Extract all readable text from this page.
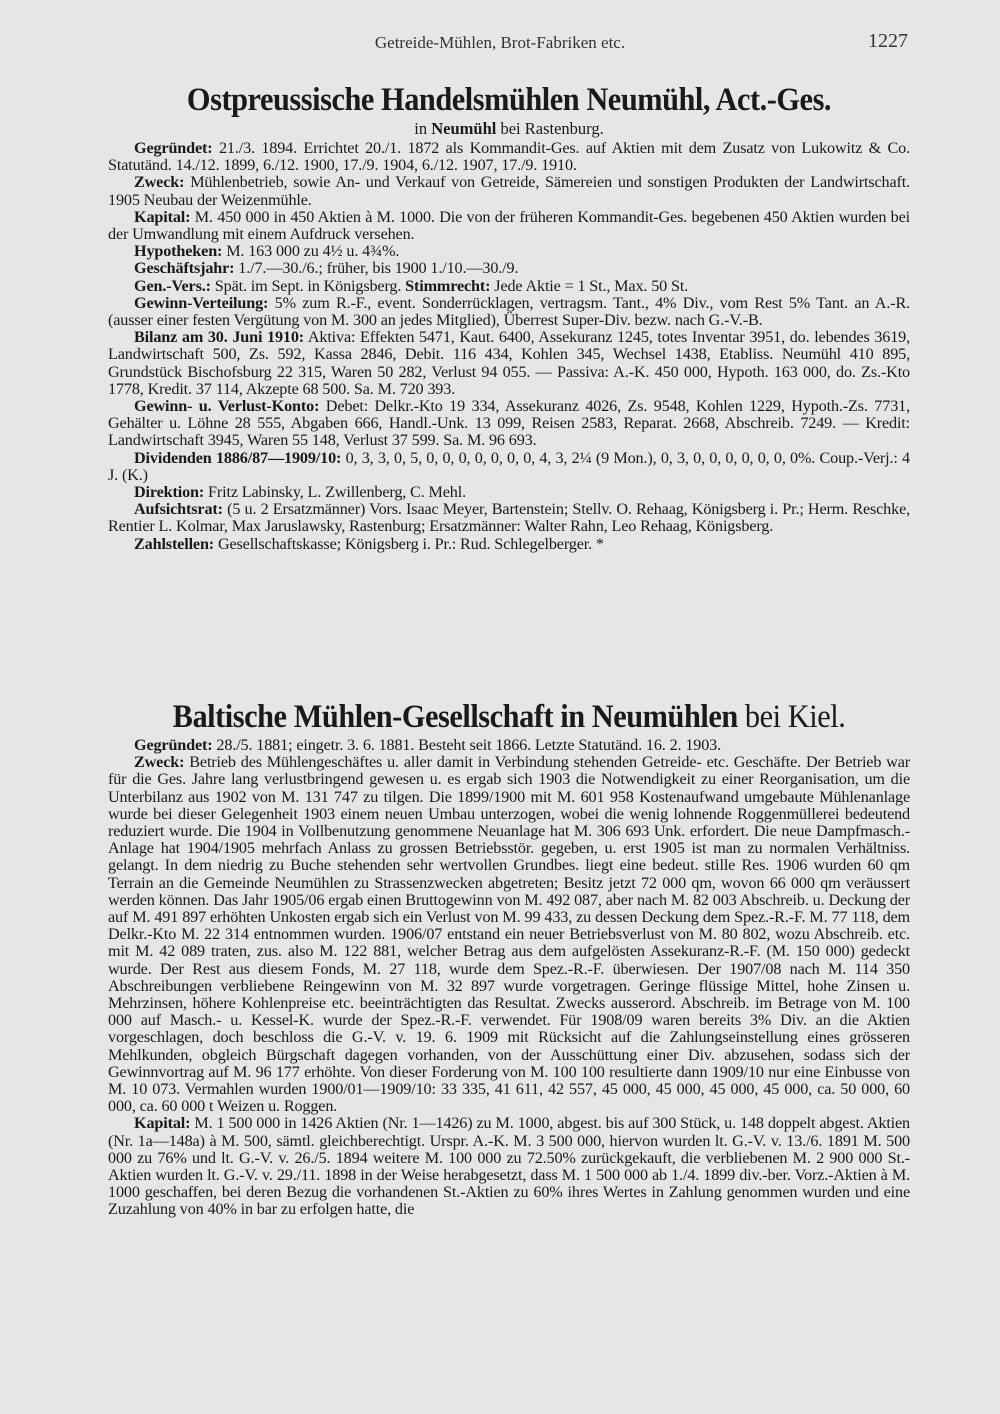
Getreide-Mühlen, Brot-Fabriken etc.	1227
Ostpreussische Handelsmühlen Neumühl, Act.-Ges.

in Neumühl bei Rastenburg.

Gegründet: 21./3. 1894. Errichtet 20./1. 1872 als Kommandit-Ges. auf Aktien mit dem Zusatz von Lukowitz & Co. Statutänd. 14./12. 1899, 6./12. 1900, 17./9. 1904, 6./12. 1907, 17./9. 1910.

Zweck: Mühlenbetrieb, sowie An- und Verkauf von Getreide, Sämereien und sonstigen Produkten der Landwirtschaft. 1905 Neubau der Weizenmühle.

Kapital: M. 450 000 in 450 Aktien à M. 1000. Die von der früheren Kommandit-Ges. begebenen 450 Aktien wurden bei der Umwandlung mit einem Aufdruck versehen.

Hypotheken: M. 163 000 zu 4½ u. 4¾%.

Geschäftsjahr: 1./7.—30./6.; früher, bis 1900 1./10.—30./9.

Gen.-Vers.: Spät. im Sept. in Königsberg. Stimmrecht: Jede Aktie = 1 St., Max. 50 St.

Gewinn-Verteilung: 5% zum R.-F., event. Sonderrücklagen, vertragsm. Tant., 4% Div., vom Rest 5% Tant. an A.-R. (ausser einer festen Vergütung von M. 300 an jedes Mitglied), Überrest Super-Div. bezw. nach G.-V.-B.

Bilanz am 30. Juni 1910: Aktiva: Effekten 5471, Kaut. 6400, Assekuranz 1245, totes Inventar 3951, do. lebendes 3619, Landwirtschaft 500, Zs. 592, Kassa 2846, Debit. 116 434, Kohlen 345, Wechsel 1438, Etabliss. Neumühl 410 895, Grundstück Bischofsburg 22 315, Waren 50 282, Verlust 94 055. — Passiva: A.-K. 450 000, Hypoth. 163 000, do. Zs.-Kto 1778, Kredit. 37 114, Akzepte 68 500. Sa. M. 720 393.

Gewinn- u. Verlust-Konto: Debet: Delkr.-Kto 19 334, Assekuranz 4026, Zs. 9548, Kohlen 1229, Hypoth.-Zs. 7731, Gehälter u. Löhne 28 555, Abgaben 666, Handl.-Unk. 13 099, Reisen 2583, Reparat. 2668, Abschreib. 7249. — Kredit: Landwirtschaft 3945, Waren 55 148, Verlust 37 599. Sa. M. 96 693.

Dividenden 1886/87—1909/10: 0, 3, 3, 0, 5, 0, 0, 0, 0, 0, 0, 0, 4, 3, 2¼ (9 Mon.), 0, 3, 0, 0, 0, 0, 0, 0, 0%. Coup.-Verj.: 4 J. (K.)

Direktion: Fritz Labinsky, L. Zwillenberg, C. Mehl.

Aufsichtsrat: (5 u. 2 Ersatzmänner) Vors. Isaac Meyer, Bartenstein; Stellv. O. Rehaag, Königsberg i. Pr.; Herm. Reschke, Rentier L. Kolmar, Max Jaruslawsky, Rastenburg; Ersatzmänner: Walter Rahn, Leo Rehaag, Königsberg.

Zahlstellen: Gesellschaftskasse; Königsberg i. Pr.: Rud. Schlegelberger. *

Baltische Mühlen-Gesellschaft in Neumühlen bei Kiel.

Gegründet: 28./5. 1881; eingetr. 3. 6. 1881. Besteht seit 1866. Letzte Statutänd. 16. 2. 1903.

Zweck: Betrieb des Mühlengeschäftes u. aller damit in Verbindung stehenden Getreide- etc. Geschäfte. Der Betrieb war für die Ges. Jahre lang verlustbringend gewesen u. es ergab sich 1903 die Notwendigkeit zu einer Reorganisation, um die Unterbilanz aus 1902 von M. 131 747 zu tilgen. Die 1899/1900 mit M. 601 958 Kostenaufwand umgebaute Mühlenanlage wurde bei dieser Gelegenheit 1903 einem neuen Umbau unterzogen, wobei die wenig lohnende Roggenmüllerei bedeutend reduziert wurde. Die 1904 in Vollbenutzung genommene Neuanlage hat M. 306 693 Unk. erfordert. Die neue Dampfmasch.-Anlage hat 1904/1905 mehrfach Anlass zu grossen Betriebsstör. gegeben, u. erst 1905 ist man zu normalen Verhältniss. gelangt. In dem niedrig zu Buche stehenden sehr wertvollen Grundbes. liegt eine bedeut. stille Res. 1906 wurden 60 qm Terrain an die Gemeinde Neumühlen zu Strassenzwecken abgetreten; Besitz jetzt 72 000 qm, wovon 66 000 qm veräussert werden können. Das Jahr 1905/06 ergab einen Bruttogewinn von M. 492 087, aber nach M. 82 003 Abschreib. u. Deckung der auf M. 491 897 erhöhten Unkosten ergab sich ein Verlust von M. 99 433, zu dessen Deckung dem Spez.-R.-F. M. 77 118, dem Delkr.-Kto M. 22 314 entnommen wurden. 1906/07 entstand ein neuer Betriebsverlust von M. 80 802, wozu Abschreib. etc. mit M. 42 089 traten, zus. also M. 122 881, welcher Betrag aus dem aufgelösten Assekuranz-R.-F. (M. 150 000) gedeckt wurde. Der Rest aus diesem Fonds, M. 27 118, wurde dem Spez.-R.-F. überwiesen. Der 1907/08 nach M. 114 350 Abschreibungen verbliebene Reingewinn von M. 32 897 wurde vorgetragen. Geringe flüssige Mittel, hohe Zinsen u. Mehrzinsen, höhere Kohlenpreise etc. beeinträchtigten das Resultat. Zwecks ausserord. Abschreib. im Betrage von M. 100 000 auf Masch.- u. Kessel-K. wurde der Spez.-R.-F. verwendet. Für 1908/09 waren bereits 3% Div. an die Aktien vorgeschlagen, doch beschloss die G.-V. v. 19. 6. 1909 mit Rücksicht auf die Zahlungseinstellung eines grösseren Mehlkunden, obgleich Bürgschaft dagegen vorhanden, von der Ausschüttung einer Div. abzusehen, sodass sich der Gewinnvortrag auf M. 96 177 erhöhte. Von dieser Forderung von M. 100 100 resultierte dann 1909/10 nur eine Einbusse von M. 10 073. Vermahlen wurden 1900/01—1909/10: 33 335, 41 611, 42 557, 45 000, 45 000, 45 000, 45 000, ca. 50 000, 60 000, ca. 60 000 t Weizen u. Roggen.

Kapital: M. 1 500 000 in 1426 Aktien (Nr. 1—1426) zu M. 1000, abgest. bis auf 300 Stück, u. 148 doppelt abgest. Aktien (Nr. 1a—148a) à M. 500, sämtl. gleichberechtigt. Urspr. A.-K. M. 3 500 000, hiervon wurden lt. G.-V. v. 13./6. 1891 M. 500 000 zu 76% und lt. G.-V. v. 26./5. 1894 weitere M. 100 000 zu 72.50% zurückgekauft, die verbliebenen M. 2 900 000 St.-Aktien wurden lt. G.-V. v. 29./11. 1898 in der Weise herabgesetzt, dass M. 1 500 000 ab 1./4. 1899 div.-ber. Vorz.-Aktien à M. 1000 geschaffen, bei deren Bezug die vorhandenen St.-Aktien zu 60% ihres Wertes in Zahlung genommen wurden und eine Zuzahlung von 40% in bar zu erfolgen hatte, die
